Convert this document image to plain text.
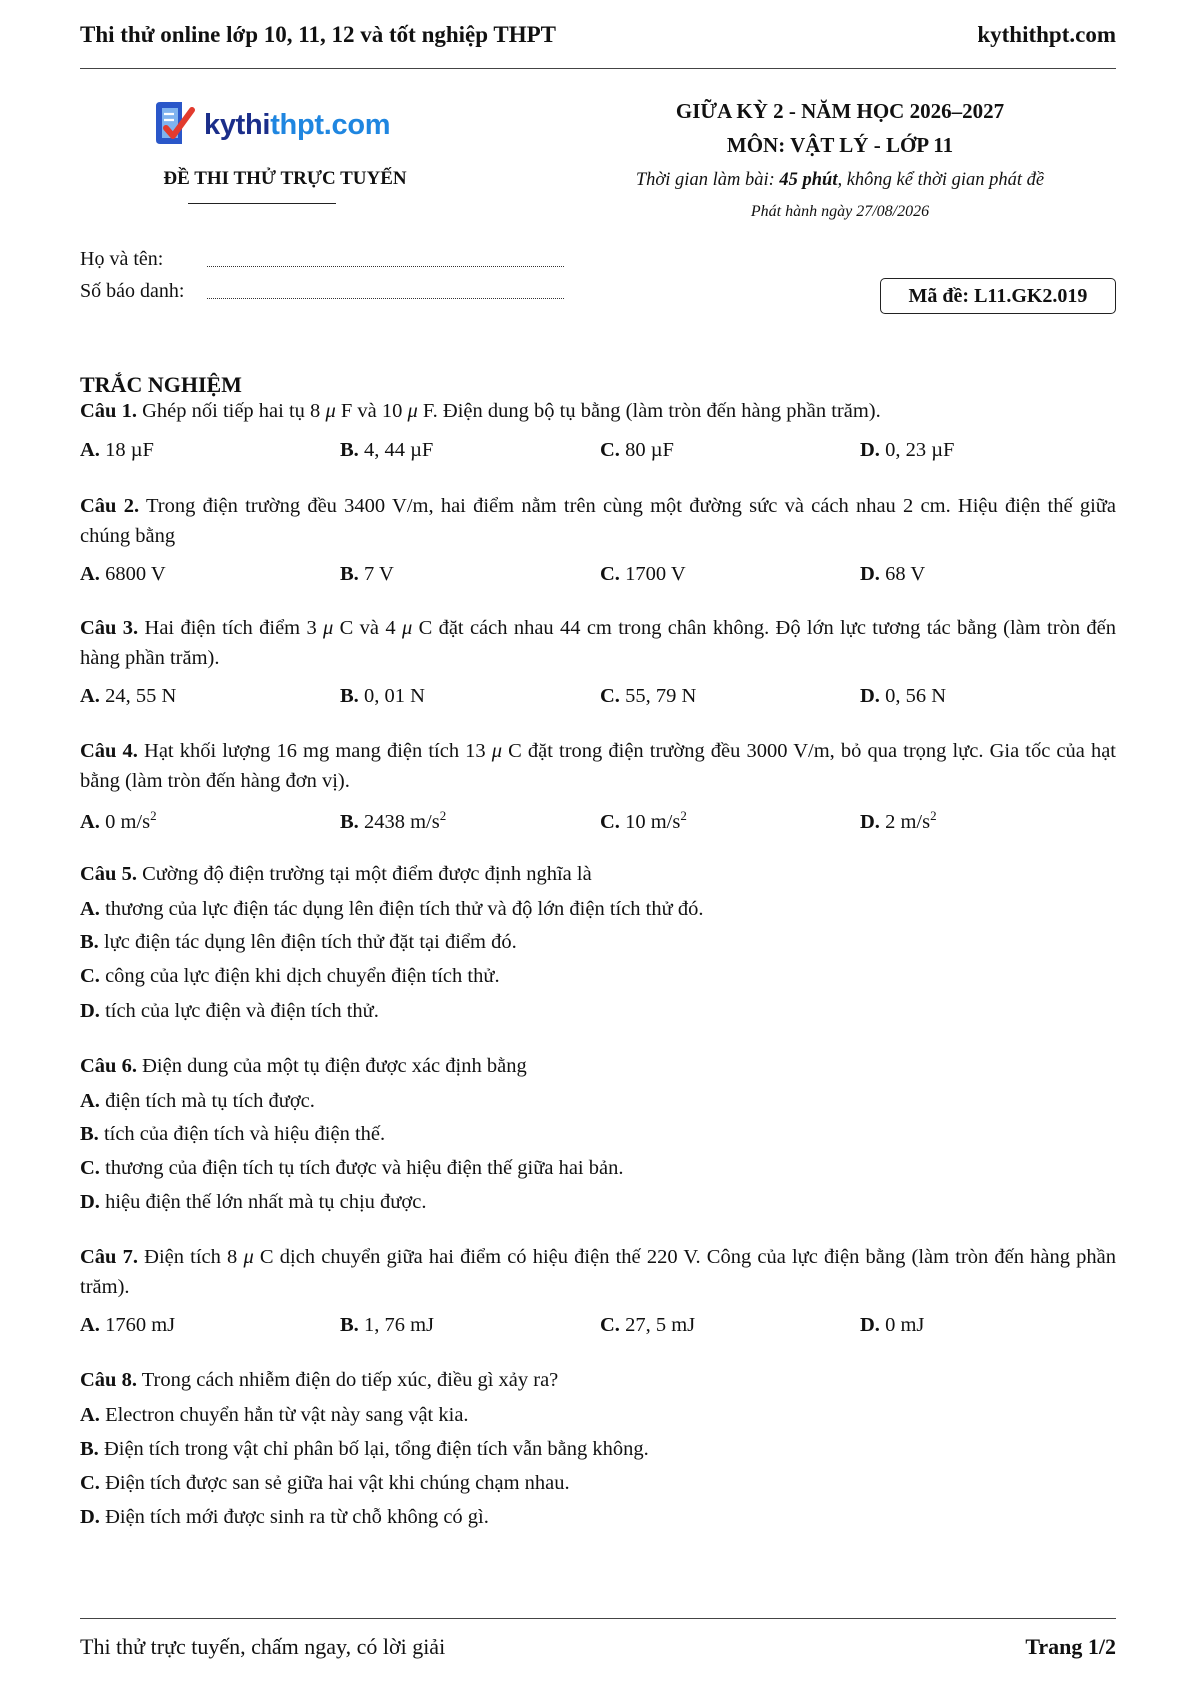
Thi thử online lớp 10, 11, 12 và tốt nghiệp THPT	kythithpt.com
kythithpt.com
ĐỀ THI THỬ TRỰC TUYẾN
GIỮA KỲ 2 - NĂM HỌC 2026–2027
MÔN: VẬT LÝ - LỚP 11
Thời gian làm bài: 45 phút, không kể thời gian phát đề
Phát hành ngày 27/08/2026
Họ và tên:
Số báo danh:	Mã đề: L11.GK2.019
TRẮC NGHIỆM
Câu 1. Ghép nối tiếp hai tụ 8 μ F và 10 μ F. Điện dung bộ tụ bằng (làm tròn đến hàng phần trăm).
A. 18 µF	B. 4, 44 µF	C. 80 µF	D. 0, 23 µF
Câu 2. Trong điện trường đều 3400 V/m, hai điểm nằm trên cùng một đường sức và cách nhau 2 cm. Hiệu điện thế giữa chúng bằng
A. 6800 V	B. 7 V	C. 1700 V	D. 68 V
Câu 3. Hai điện tích điểm 3 μ C và 4 μ C đặt cách nhau 44 cm trong chân không. Độ lớn lực tương tác bằng (làm tròn đến hàng phần trăm).
A. 24, 55 N	B. 0, 01 N	C. 55, 79 N	D. 0, 56 N
Câu 4. Hạt khối lượng 16 mg mang điện tích 13 μ C đặt trong điện trường đều 3000 V/m, bỏ qua trọng lực. Gia tốc của hạt bằng (làm tròn đến hàng đơn vị).
A. 0 $m/s^2$	B. 2438 $m/s^2$	C. 10 $m/s^2$	D. 2 $m/s^2$
Câu 5. Cường độ điện trường tại một điểm được định nghĩa là
A. thương của lực điện tác dụng lên điện tích thử và độ lớn điện tích thử đó.
B. lực điện tác dụng lên điện tích thử đặt tại điểm đó.
C. công của lực điện khi dịch chuyển điện tích thử.
D. tích của lực điện và điện tích thử.
Câu 6. Điện dung của một tụ điện được xác định bằng
A. điện tích mà tụ tích được.
B. tích của điện tích và hiệu điện thế.
C. thương của điện tích tụ tích được và hiệu điện thế giữa hai bản.
D. hiệu điện thế lớn nhất mà tụ chịu được.
Câu 7. Điện tích 8 μ C dịch chuyển giữa hai điểm có hiệu điện thế 220 V. Công của lực điện bằng (làm tròn đến hàng phần trăm).
A. 1760 mJ	B. 1, 76 mJ	C. 27, 5 mJ	D. 0 mJ
Câu 8. Trong cách nhiễm điện do tiếp xúc, điều gì xảy ra?
A. Electron chuyển hẳn từ vật này sang vật kia.
B. Điện tích trong vật chỉ phân bố lại, tổng điện tích vẫn bằng không.
C. Điện tích được san sẻ giữa hai vật khi chúng chạm nhau.
D. Điện tích mới được sinh ra từ chỗ không có gì.
Thi thử trực tuyến, chấm ngay, có lời giải	Trang 1/2
